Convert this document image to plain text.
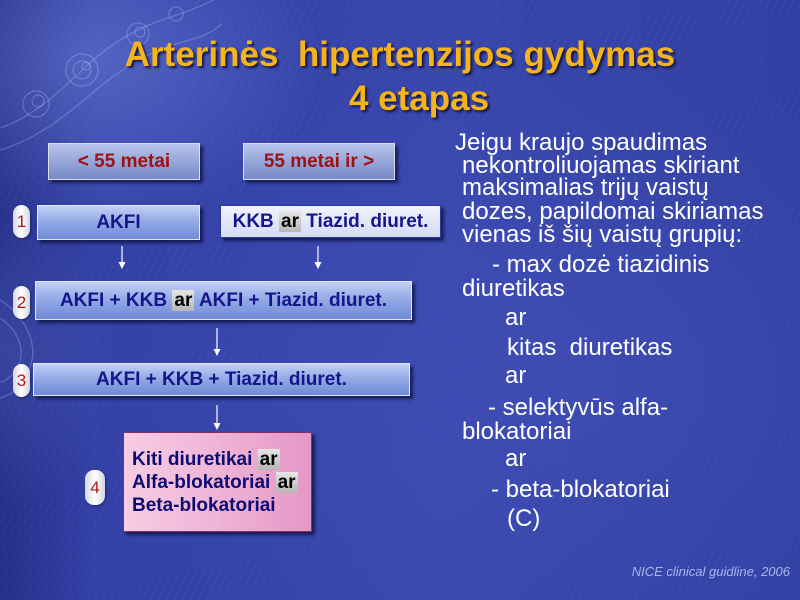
Arterinės  hipertenzijos gydymas
4 etapas
< 55 metai	55 metai ir >
1	AKFI	KKB ar Tiazid. diuret.
2 AKFI + KKB ar AKFI + Tiazid. diuret.
3	AKFI + KKB + Tiazid. diuret.
4
Kiti diuretikai ar
Alfa-blokatoriai ar
Beta-blokatoriai
Jeigu kraujo spaudimas
nekontroliuojamas skiriant
maksimalias trijų vaistų
dozes, papildomai skiriamas
vienas iš šių vaistų grupių:
- max dozė tiazidinis
diuretikas
ar
kitas  diuretikas
ar
- selektyvūs alfa-
blokatoriai
ar
- beta-blokatoriai
(C)
NICE clinical guidline, 2006
